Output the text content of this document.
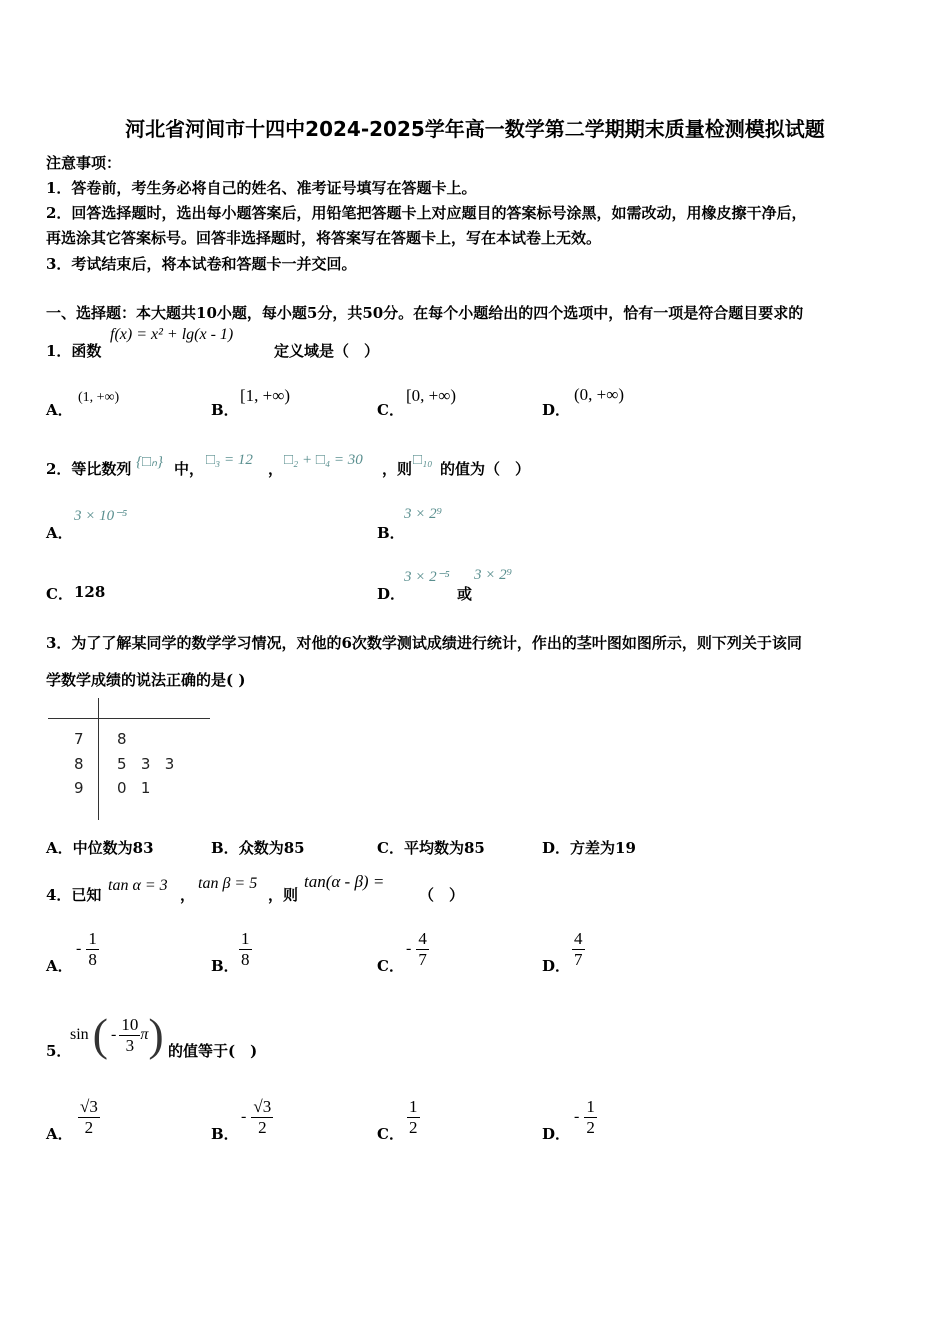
河北省河间市十四中2024-2025学年高一数学第二学期期末质量检测模拟试题
注意事项：
1．答卷前，考生务必将自己的姓名、准考证号填写在答题卡上。
2．回答选择题时，选出每小题答案后，用铅笔把答题卡上对应题目的答案标号涂黑，如需改动，用橡皮擦干净后，
再选涂其它答案标号。回答非选择题时，将答案写在答题卡上，写在本试卷上无效。
3．考试结束后，将本试卷和答题卡一并交回。
一、选择题：本大题共10小题，每小题5分，共50分。在每个小题给出的四个选项中，恰有一项是符合题目要求的
1．函数
f(x) = x² + lg(x - 1)
定义域是（　）
A．
(1, +∞)
B．
[1, +∞)
C．
[0, +∞)
D．
(0, +∞)
2．等比数列 {□ₙ} 中， □₃ = 12 ， □₂ + □₄ = 30 ，则 □₁₀ 的值为（　）
A．
3 × 10⁻⁵
B．
3 × 2⁹
C． 128	D．
3 × 2⁻⁵
或
3 × 2⁹
3．为了了解某同学的数学学习情况，对他的6次数学测试成绩进行统计，作出的茎叶图如图所示，则下列关于该同
学数学成绩的说法正确的是( )
7 8
8 5   3   3
9 0   1
A．中位数为83	B．众数为85	C．平均数为85	D．方差为19
4．已知
tan α = 3
，
tan β = 5
，则
tan(α - β) =
（　）
A．
- $\frac{1}{8}$	B． $\frac{1}{8}$	C．
- $\frac{4}{7}$	D． $\frac{4}{7}$
5．
sin ( - $\frac{10}{3}$ π ) 的值等于(　)
A． $\frac{√3}{2}$	B．
- $\frac{√3}{2}$	C． $\frac{1}{2}$	D．
- $\frac{1}{2}$
